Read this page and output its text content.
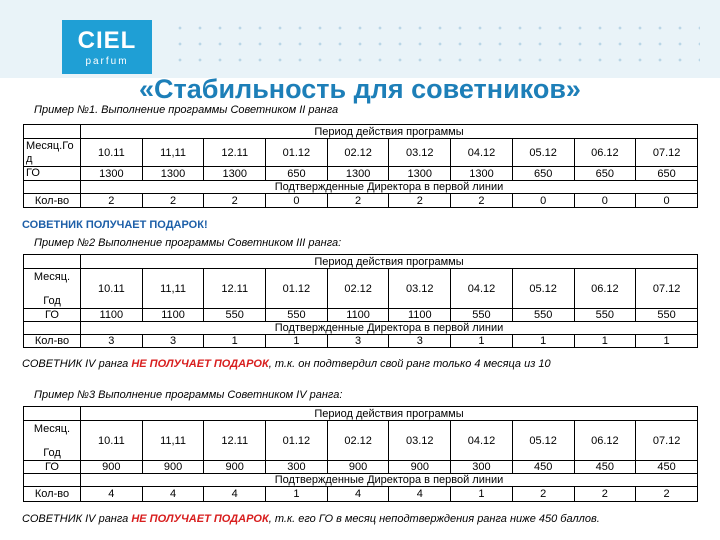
CIEL
parfum
«Стабильность для советников»
Пример №1. Выполнение программы Советником II ранга
	Период действия программы									
Месяц.Го д	10.11	11,11	12.11	01.12	02.12	03.12	04.12	05.12	06.12	07.12
ГО	1300	1300	1300	650	1300	1300	1300	650	650	650
	Подтвержденные Директора в первой линии									
Кол-во	2	2	2	0	2	2	2	0	0	0
СОВЕТНИК ПОЛУЧАЕТ ПОДАРОК!
Пример №2 Выполнение программы Советником III ранга:
	Период действия программы									

Месяц.
Год	10.11	11,11	12.11	01.12	02.12	03.12	04.12	05.12	06.12	07.12
ГО	1100	1100	550	550	1100	1100	550	550	550	550
	Подтвержденные Директора в первой линии									
Кол-во	3	3	1	1	3	3	1	1	1	1
СОВЕТНИК IV ранга НЕ ПОЛУЧАЕТ ПОДАРОК, т.к. он подтвердил свой ранг только 4 месяца из 10
Пример №3 Выполнение программы Советником IV ранга:
	Период действия программы									

Месяц.
Год	10.11	11,11	12.11	01.12	02.12	03.12	04.12	05.12	06.12	07.12
ГО	900	900	900	300	900	900	300	450	450	450
	Подтвержденные Директора в первой линии									
Кол-во	4	4	4	1	4	4	1	2	2	2
СОВЕТНИК IV ранга НЕ ПОЛУЧАЕТ ПОДАРОК, т.к. его ГО в месяц неподтверждения ранга ниже 450 баллов.
